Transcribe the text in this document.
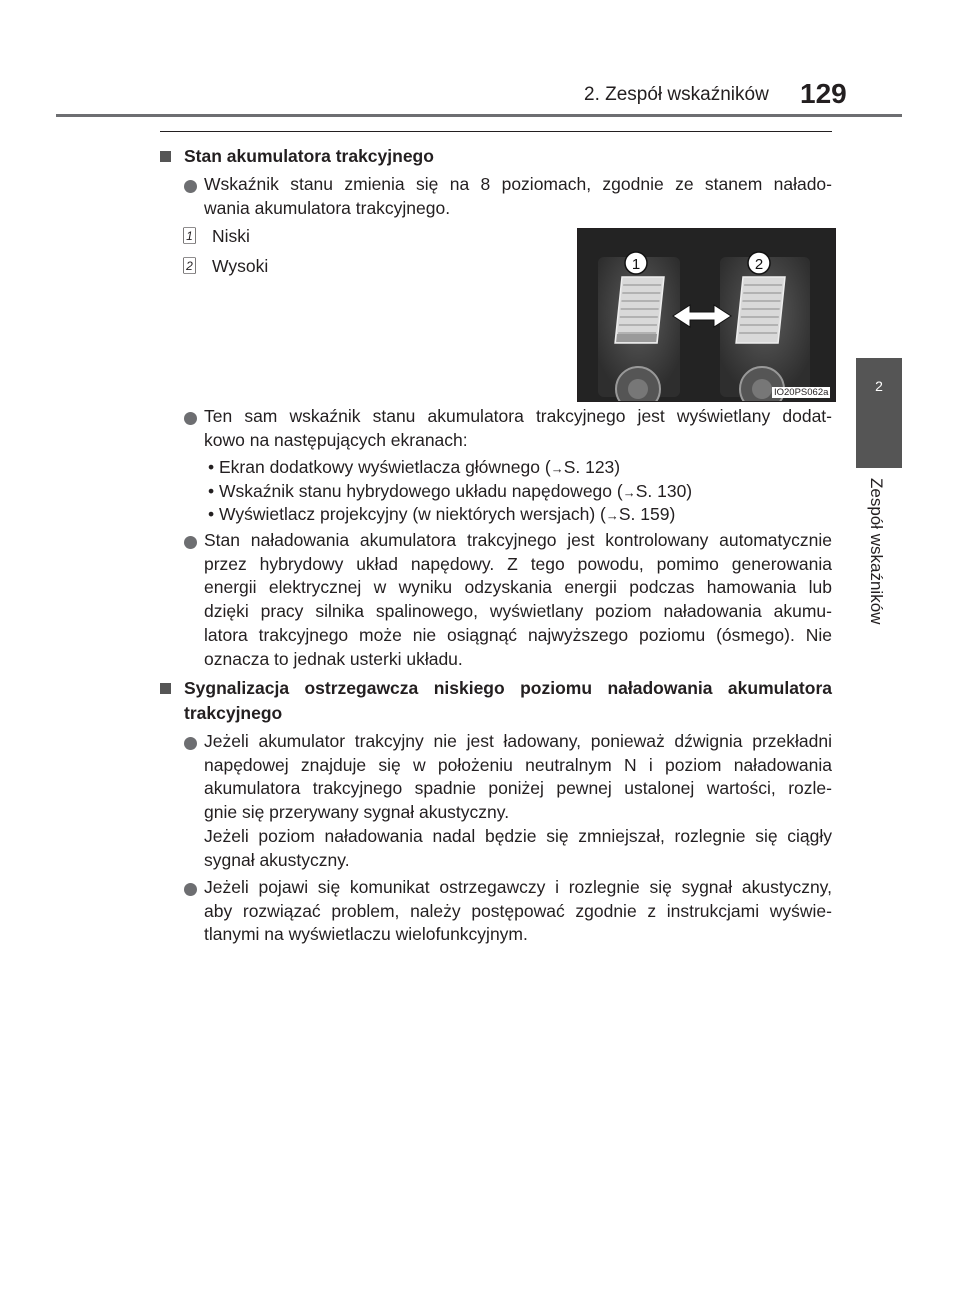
2. Zespół wskaźników 129
2
Zespół wskaźników
Stan akumulatora trakcyjnego
Wskaźnik stanu zmienia się na 8 poziomach, zgodnie ze stanem nałado-
wania akumulatora trakcyjnego.
1 Niski
2 Wysoki	1	2
IO20PS062a
Ten sam wskaźnik stanu akumulatora trakcyjnego jest wyświetlany dodat-
kowo na następujących ekranach:
• Ekran dodatkowy wyświetlacza głównego (→S. 123)
• Wskaźnik stanu hybrydowego układu napędowego (→S. 130)
• Wyświetlacz projekcyjny (w niektórych wersjach) (→S. 159)
Stan naładowania akumulatora trakcyjnego jest kontrolowany automatycznie
przez hybrydowy układ napędowy. Z tego powodu, pomimo generowania
energii elektrycznej w wyniku odzyskania energii podczas hamowania lub
dzięki pracy silnika spalinowego, wyświetlany poziom naładowania akumu-
latora trakcyjnego może nie osiągnąć najwyższego poziomu (ósmego). Nie
oznacza to jednak usterki układu.
Sygnalizacja ostrzegawcza niskiego poziomu naładowania akumulatora
trakcyjnego
Jeżeli akumulator trakcyjny nie jest ładowany, ponieważ dźwignia przekładni
napędowej znajduje się w położeniu neutralnym N i poziom naładowania
akumulatora trakcyjnego spadnie poniżej pewnej ustalonej wartości, rozle-
gnie się przerywany sygnał akustyczny.
Jeżeli poziom naładowania nadal będzie się zmniejszał, rozlegnie się ciągły
sygnał akustyczny.
Jeżeli pojawi się komunikat ostrzegawczy i rozlegnie się sygnał akustyczny,
aby rozwiązać problem, należy postępować zgodnie z instrukcjami wyświe-
tlanymi na wyświetlaczu wielofunkcyjnym.
